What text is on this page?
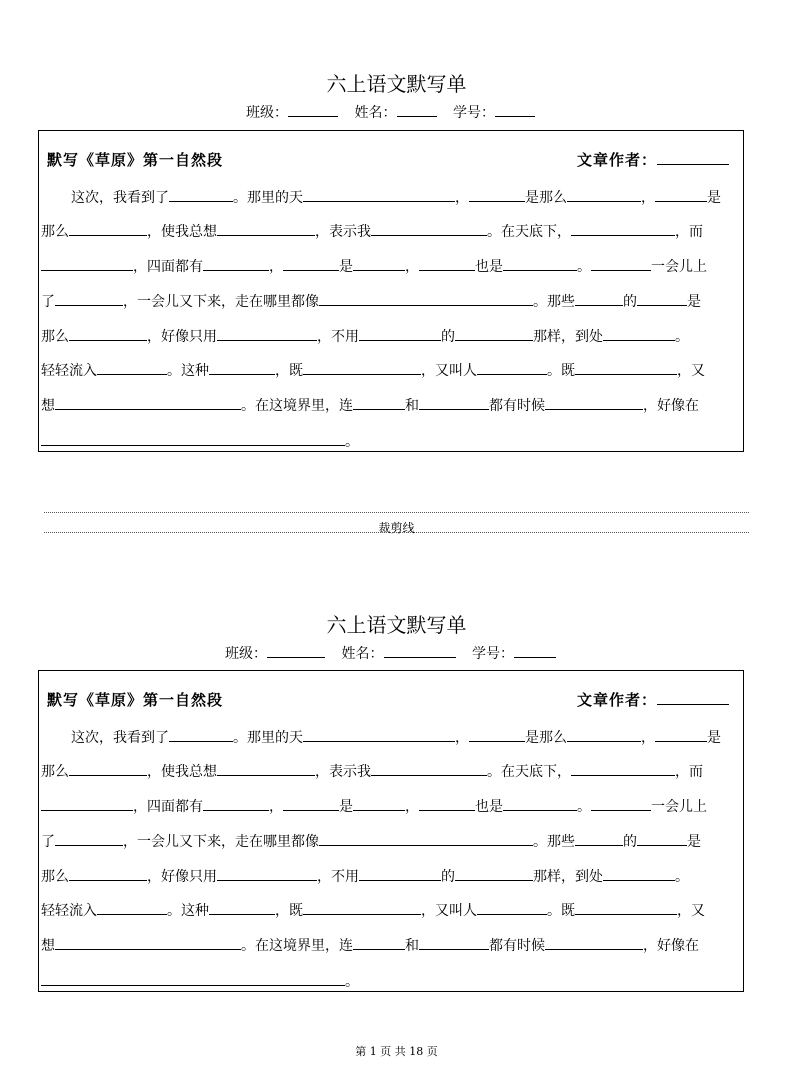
六上语文默写单
班级：	姓名：	学号：
默写《草原》第一自然段	文章作者：
这次，我看到了	。那里的天	，	是那么	，	是
那么	，使我总想	，表示我	。在天底下，	，而
，四面都有	，	是	，	也是	。	一会儿上
了	，一会儿又下来，走在哪里都像	。那些	的	是
那么	，好像只用	，不用	的	那样，到处	。
轻轻流入	。这种	，既	，又叫人	。既	，又
想	。在这境界里，连	和	都有时候	，好像在
。
裁剪线
六上语文默写单
班级：	姓名：	学号：
默写《草原》第一自然段	文章作者：
这次，我看到了	。那里的天	，	是那么	，	是
那么	，使我总想	，表示我	。在天底下，	，而
，四面都有	，	是	，	也是	。	一会儿上
了	，一会儿又下来，走在哪里都像	。那些	的	是
那么	，好像只用	，不用	的	那样，到处	。
轻轻流入	。这种	，既	，又叫人	。既	，又
想	。在这境界里，连	和	都有时候	，好像在
。
第 1 页 共 18 页
